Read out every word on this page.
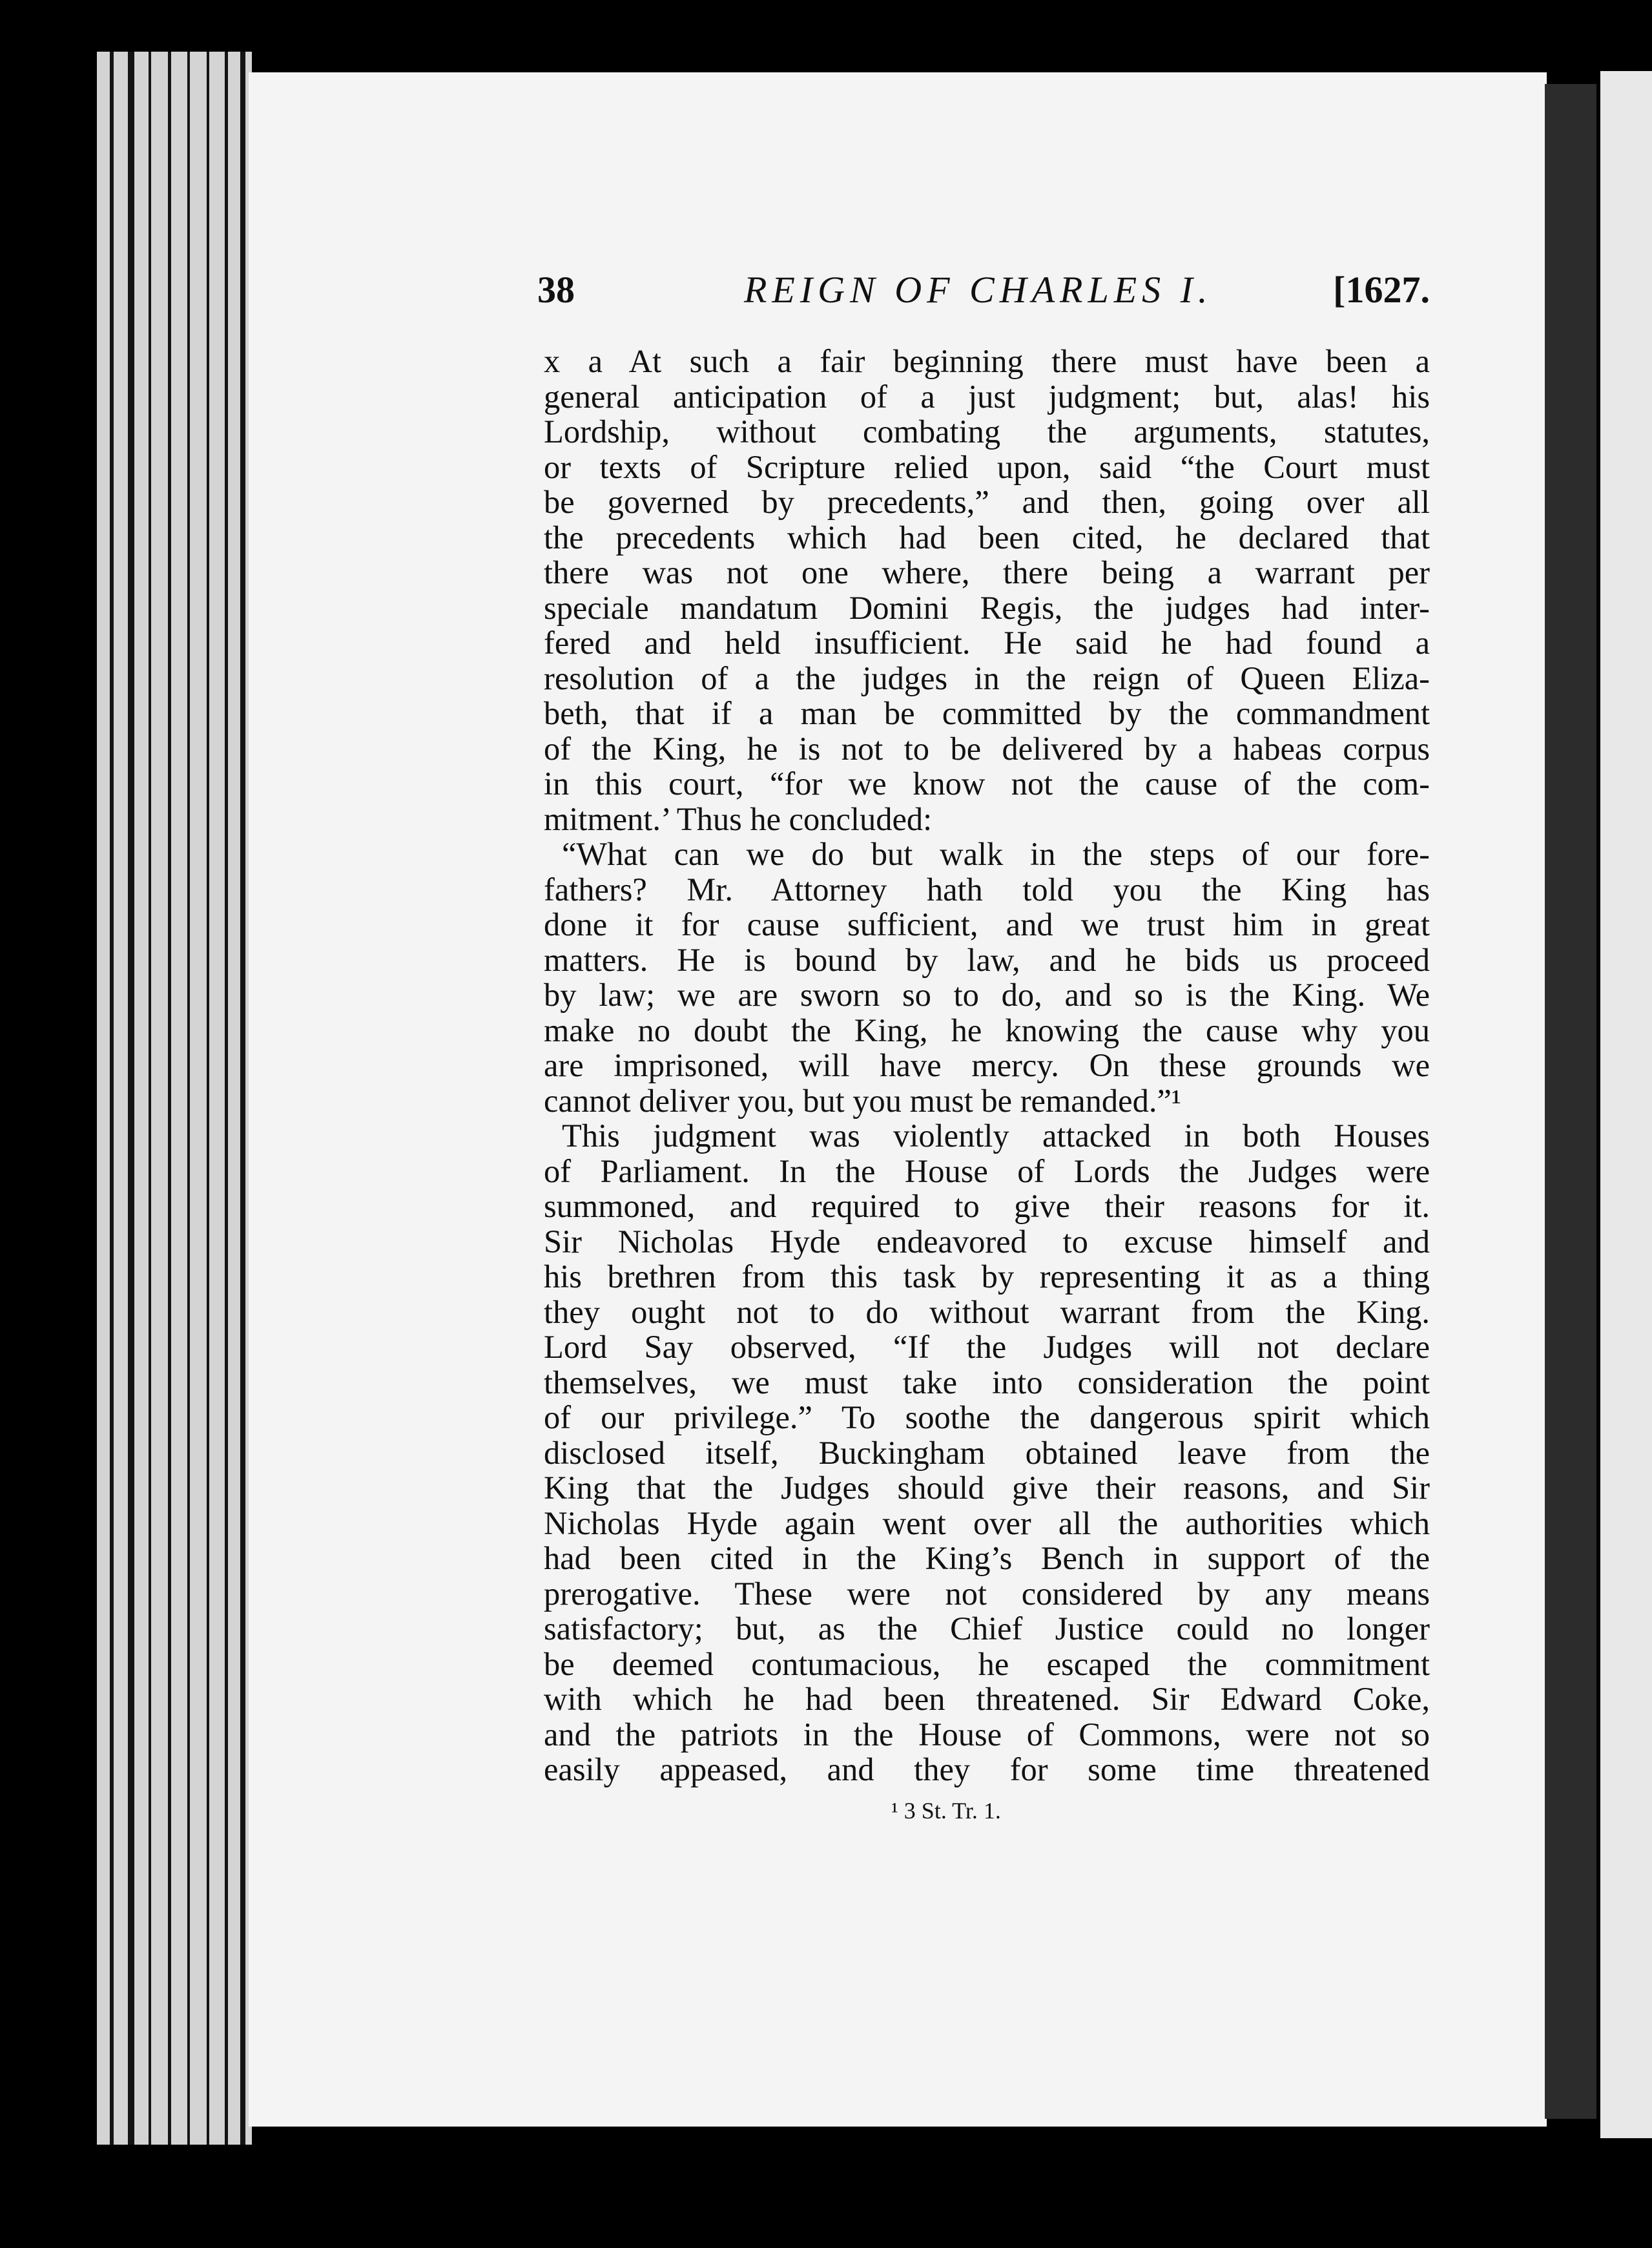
38	REIGN OF CHARLES I.	[1627.
x a At such a fair beginning there must have been a
general anticipation of a just judgment; but, alas! his
Lordship, without combating the arguments, statutes,
or texts of Scripture relied upon, said “the Court must
be governed by precedents,” and then, going over all
the precedents which had been cited, he declared that
there was not one where, there being a warrant per
speciale mandatum Domini Regis, the judges had inter-
fered and held insufficient. He said he had found a
resolution of a the judges in the reign of Queen Eliza-
beth, that if a man be committed by the commandment
of the King, he is not to be delivered by a habeas corpus
in this court, “for we know not the cause of the com-
mitment.’ Thus he concluded:
“What can we do but walk in the steps of our fore-
fathers? Mr. Attorney hath told you the King has
done it for cause sufficient, and we trust him in great
matters. He is bound by law, and he bids us proceed
by law; we are sworn so to do, and so is the King. We
make no doubt the King, he knowing the cause why you
are imprisoned, will have mercy. On these grounds we
cannot deliver you, but you must be remanded.”¹
This judgment was violently attacked in both Houses
of Parliament. In the House of Lords the Judges were
summoned, and required to give their reasons for it.
Sir Nicholas Hyde endeavored to excuse himself and
his brethren from this task by representing it as a thing
they ought not to do without warrant from the King.
Lord Say observed, “If the Judges will not declare
themselves, we must take into consideration the point
of our privilege.” To soothe the dangerous spirit which
disclosed itself, Buckingham obtained leave from the
King that the Judges should give their reasons, and Sir
Nicholas Hyde again went over all the authorities which
had been cited in the King’s Bench in support of the
prerogative. These were not considered by any means
satisfactory; but, as the Chief Justice could no longer
be deemed contumacious, he escaped the commitment
with which he had been threatened. Sir Edward Coke,
and the patriots in the House of Commons, were not so
easily appeased, and they for some time threatened
¹ 3 St. Tr. 1.
